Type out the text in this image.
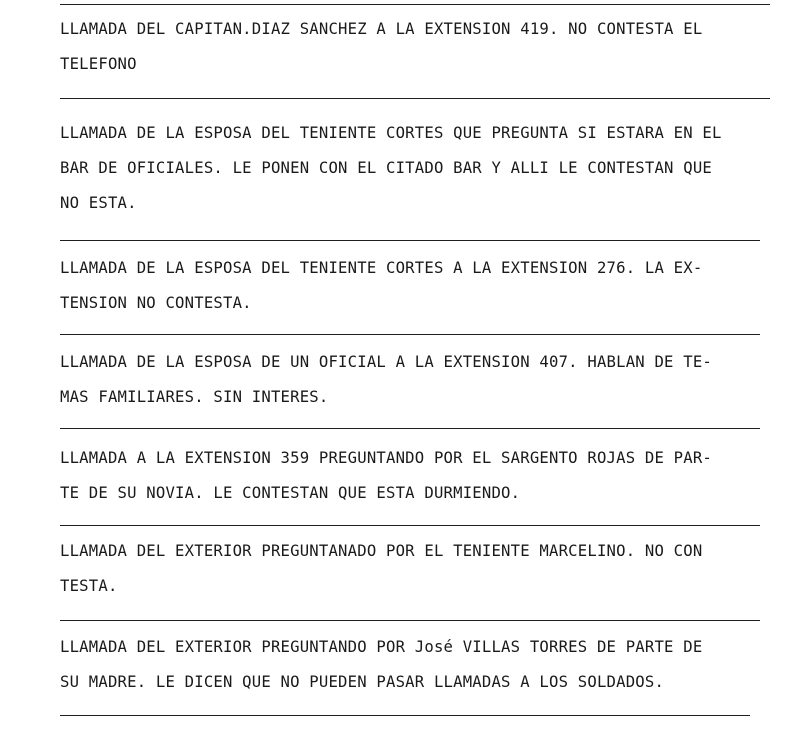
LLAMADA DEL CAPITAN.DIAZ SANCHEZ A LA EXTENSION 419. NO CONTESTA EL
TELEFONO
LLAMADA DE LA ESPOSA DEL TENIENTE CORTES QUE PREGUNTA SI ESTARA EN EL
BAR DE OFICIALES. LE PONEN CON EL CITADO BAR Y ALLI LE CONTESTAN QUE
NO ESTA.
LLAMADA DE LA ESPOSA DEL TENIENTE CORTES A LA EXTENSION 276. LA EX-
TENSION NO CONTESTA.
LLAMADA DE LA ESPOSA DE UN OFICIAL A LA EXTENSION 407. HABLAN DE TE-
MAS FAMILIARES. SIN INTERES.
LLAMADA A LA EXTENSION 359 PREGUNTANDO POR EL SARGENTO ROJAS DE PAR-
TE DE SU NOVIA. LE CONTESTAN QUE ESTA DURMIENDO.
LLAMADA DEL EXTERIOR PREGUNTANADO POR EL TENIENTE MARCELINO. NO CON
TESTA.
LLAMADA DEL EXTERIOR PREGUNTANDO POR José VILLAS TORRES DE PARTE DE
SU MADRE. LE DICEN QUE NO PUEDEN PASAR LLAMADAS A LOS SOLDADOS.
